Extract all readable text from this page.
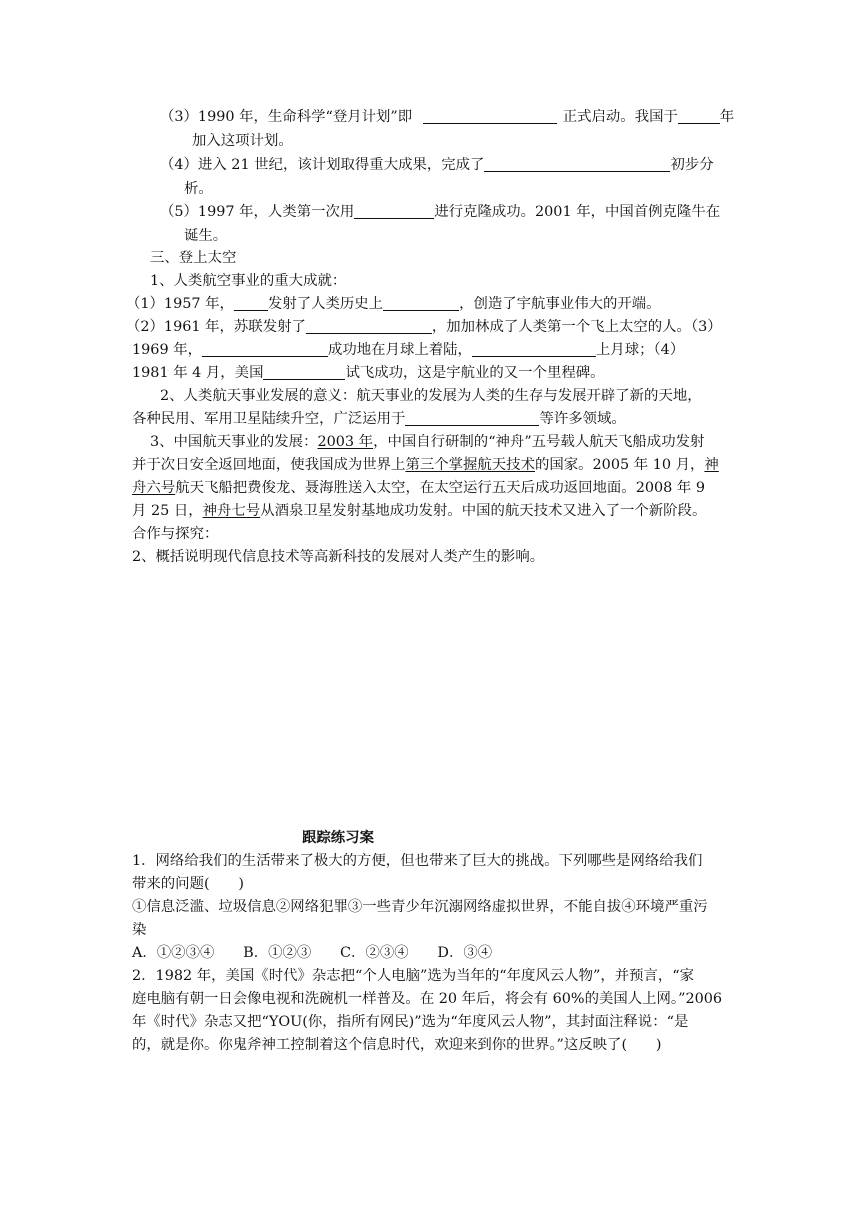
（3）1990 年，生命科学“登月计划”即	正式启动。我国于	年
加入这项计划。
（4）进入 21 世纪，该计划取得重大成果，完成了	初步分
析。
（5）1997 年，人类第一次用	进行克隆成功。2001 年，中国首例克隆牛在
诞生。
三、登上太空
1、人类航空事业的重大成就：
（1）1957 年， 发射了人类历史上	，创造了宇航事业伟大的开端。
（2）1961 年，苏联发射了	，加加林成了人类第一个飞上太空的人。（3）
1969 年，	成功地在月球上着陆，	上月球；（4）
1981 年 4 月，美国	试飞成功，这是宇航业的又一个里程碑。
2、人类航天事业发展的意义：航天事业的发展为人类的生存与发展开辟了新的天地，
各种民用、军用卫星陆续升空，广泛运用于	等许多领域。
3、中国航天事业的发展：2003 年，中国自行研制的“神舟”五号载人航天飞船成功发射
并于次日安全返回地面，使我国成为世界上第三个掌握航天技术的国家。2005 年 10 月，神
舟六号航天飞船把费俊龙、聂海胜送入太空，在太空运行五天后成功返回地面。2008 年 9
月 25 日，神舟七号从酒泉卫星发射基地成功发射。中国的航天技术又进入了一个新阶段。
合作与探究：
2、概括说明现代信息技术等高新科技的发展对人类产生的影响。
跟踪练习案
1．网络给我们的生活带来了极大的方便，但也带来了巨大的挑战。下列哪些是网络给我们
带来的问题(　　)
①信息泛滥、垃圾信息②网络犯罪③一些青少年沉溺网络虚拟世界，不能自拔④环境严重污
染
A．①②③④　　B．①②③　　C．②③④　　D．③④
2．1982 年，美国《时代》杂志把“个人电脑”选为当年的“年度风云人物”，并预言，“家
庭电脑有朝一日会像电视和洗碗机一样普及。在 20 年后，将会有 60%的美国人上网。”2006
年《时代》杂志又把“YOU(你，指所有网民)”选为“年度风云人物”，其封面注释说：“是
的，就是你。你鬼斧神工控制着这个信息时代，欢迎来到你的世界。”这反映了(　　)
